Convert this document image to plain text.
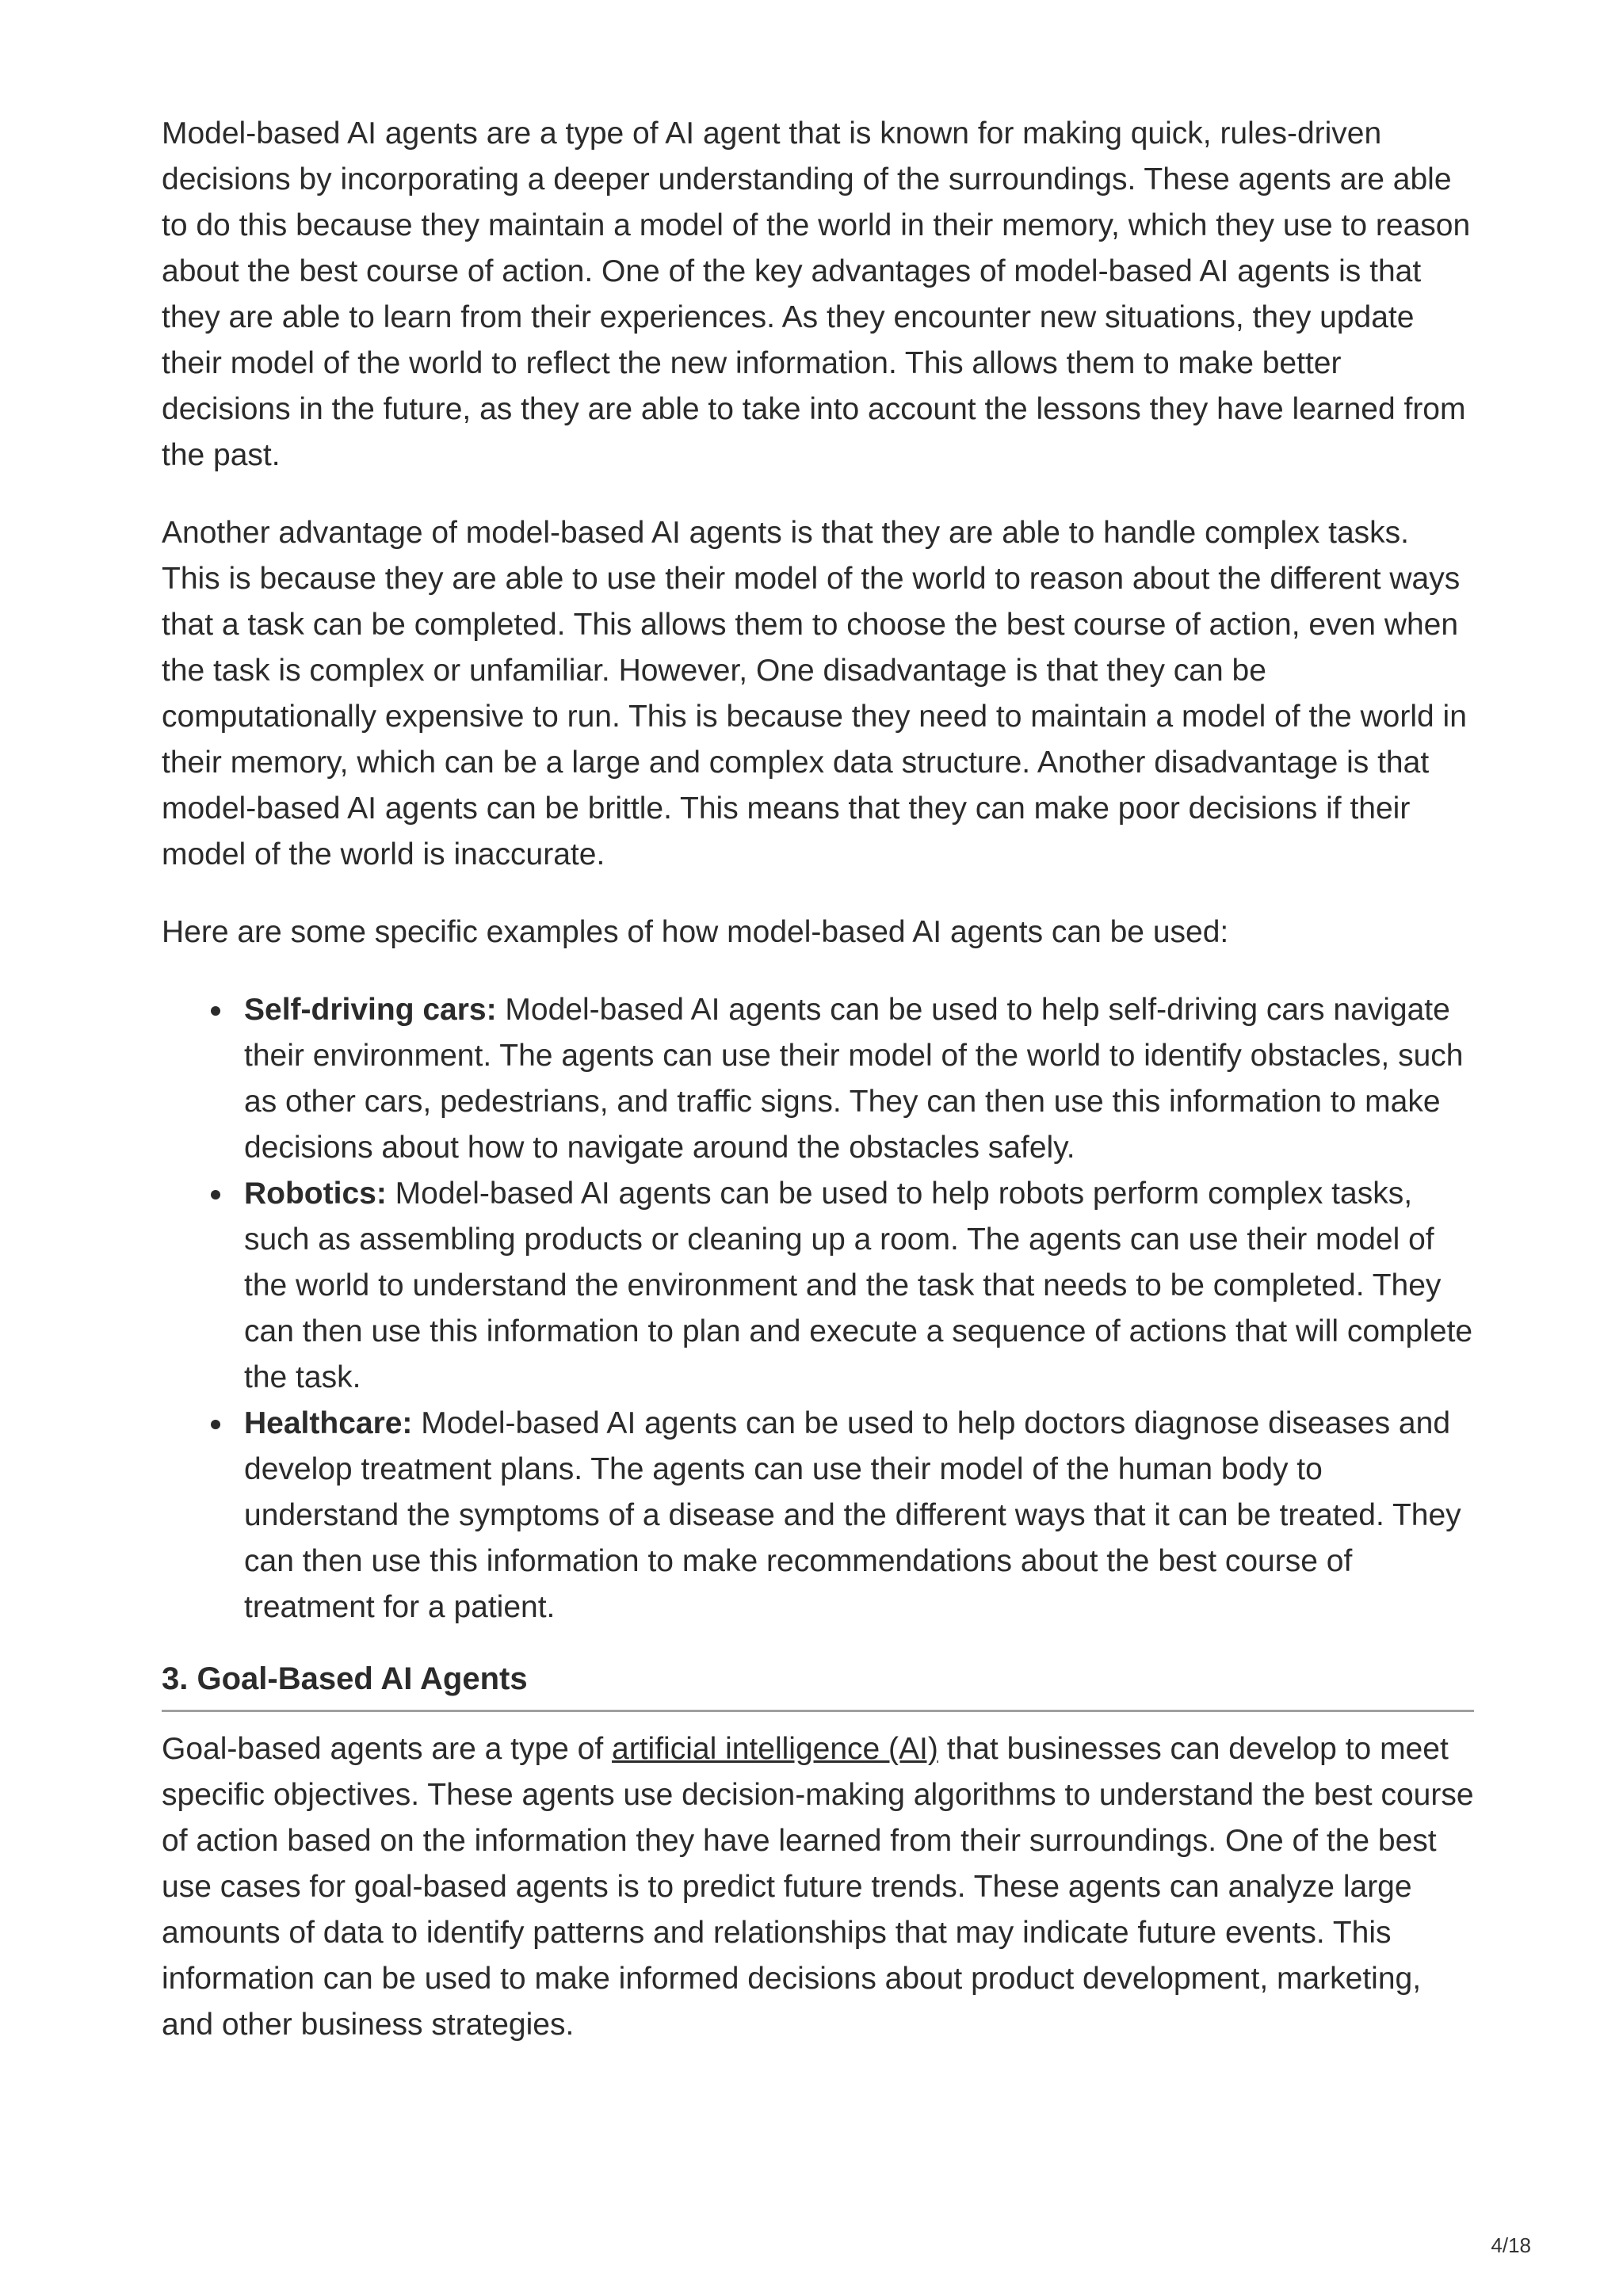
Model-based AI agents are a type of AI agent that is known for making quick, rules-driven decisions by incorporating a deeper understanding of the surroundings. These agents are able to do this because they maintain a model of the world in their memory, which they use to reason about the best course of action. One of the key advantages of model-based AI agents is that they are able to learn from their experiences. As they encounter new situations, they update their model of the world to reflect the new information. This allows them to make better decisions in the future, as they are able to take into account the lessons they have learned from the past.

Another advantage of model-based AI agents is that they are able to handle complex tasks. This is because they are able to use their model of the world to reason about the different ways that a task can be completed. This allows them to choose the best course of action, even when the task is complex or unfamiliar. However, One disadvantage is that they can be computationally expensive to run. This is because they need to maintain a model of the world in their memory, which can be a large and complex data structure. Another disadvantage is that model-based AI agents can be brittle. This means that they can make poor decisions if their model of the world is inaccurate.

Here are some specific examples of how model-based AI agents can be used:

Self-driving cars: Model-based AI agents can be used to help self-driving cars navigate their environment. The agents can use their model of the world to identify obstacles, such as other cars, pedestrians, and traffic signs. They can then use this information to make decisions about how to navigate around the obstacles safely.
Robotics: Model-based AI agents can be used to help robots perform complex tasks, such as assembling products or cleaning up a room. The agents can use their model of the world to understand the environment and the task that needs to be completed. They can then use this information to plan and execute a sequence of actions that will complete the task.
Healthcare: Model-based AI agents can be used to help doctors diagnose diseases and develop treatment plans. The agents can use their model of the human body to understand the symptoms of a disease and the different ways that it can be treated. They can then use this information to make recommendations about the best course of treatment for a patient.
3. Goal-Based AI Agents

Goal-based agents are a type of artificial intelligence (AI) that businesses can develop to meet specific objectives. These agents use decision-making algorithms to understand the best course of action based on the information they have learned from their surroundings. One of the best use cases for goal-based agents is to predict future trends. These agents can analyze large amounts of data to identify patterns and relationships that may indicate future events. This information can be used to make informed decisions about product development, marketing, and other business strategies.

4/18
